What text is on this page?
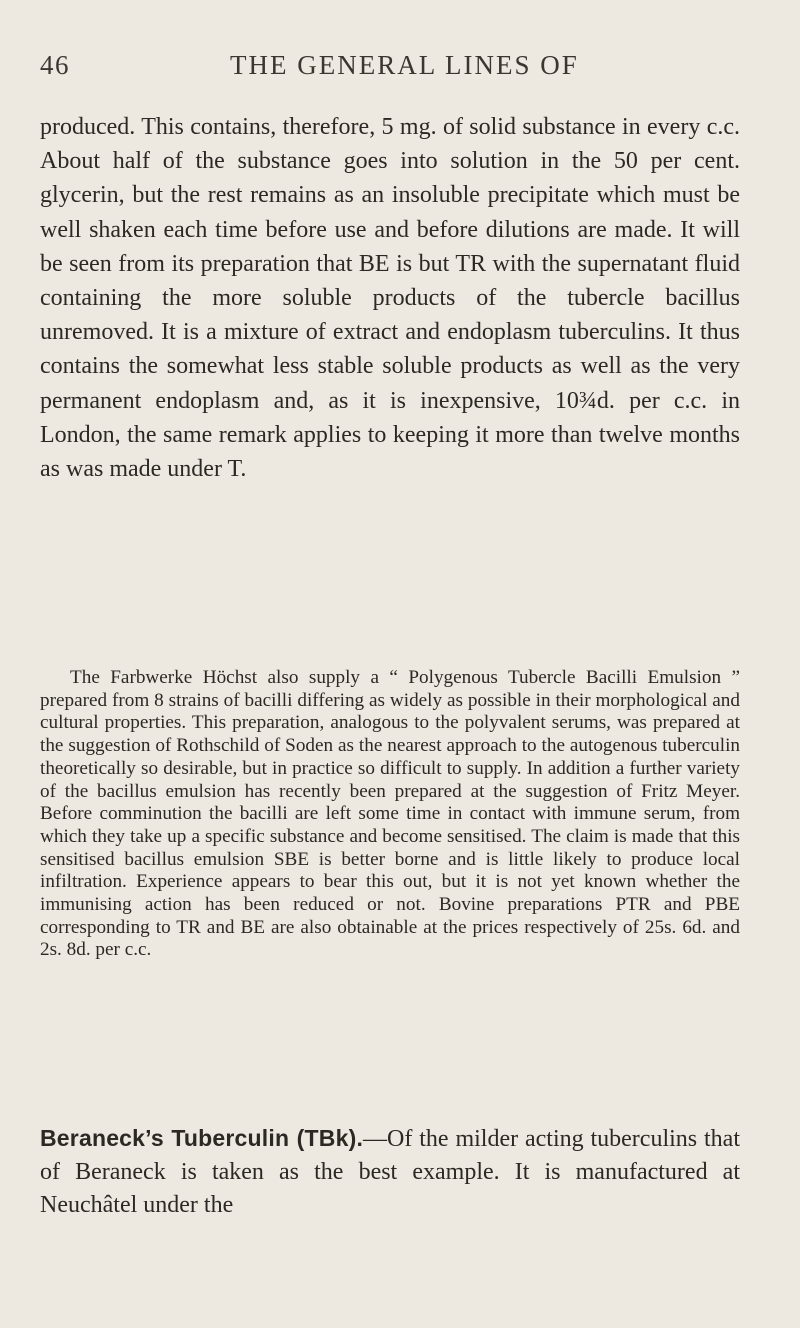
46	THE GENERAL LINES OF

produced. This contains, therefore, 5 mg. of solid substance in every c.c. About half of the substance goes into solution in the 50 per cent. glycerin, but the rest remains as an insoluble precipitate which must be well shaken each time before use and before dilutions are made. It will be seen from its preparation that BE is but TR with the supernatant fluid containing the more soluble products of the tubercle bacillus unremoved. It is a mixture of extract and endoplasm tuberculins. It thus contains the somewhat less stable soluble products as well as the very permanent endoplasm and, as it is inexpensive, 10¾d. per c.c. in London, the same remark applies to keeping it more than twelve months as was made under T.

The Farbwerke Höchst also supply a “ Polygenous Tubercle Bacilli Emulsion ” prepared from 8 strains of bacilli differing as widely as possible in their morphological and cultural properties. This preparation, analogous to the polyvalent serums, was prepared at the suggestion of Rothschild of Soden as the nearest approach to the autogenous tuberculin theoretically so desirable, but in practice so difficult to supply. In addition a further variety of the bacillus emulsion has recently been prepared at the suggestion of Fritz Meyer. Before comminution the bacilli are left some time in contact with immune serum, from which they take up a specific substance and become sensitised. The claim is made that this sensitised bacillus emulsion SBE is better borne and is little likely to produce local infiltration. Experience appears to bear this out, but it is not yet known whether the immunising action has been reduced or not. Bovine preparations PTR and PBE corresponding to TR and BE are also obtainable at the prices respectively of 25s. 6d. and 2s. 8d. per c.c.

Beraneck’s Tuberculin (TBk).—Of the milder acting tuberculins that of Beraneck is taken as the best example. It is manufactured at Neuchâtel under the
